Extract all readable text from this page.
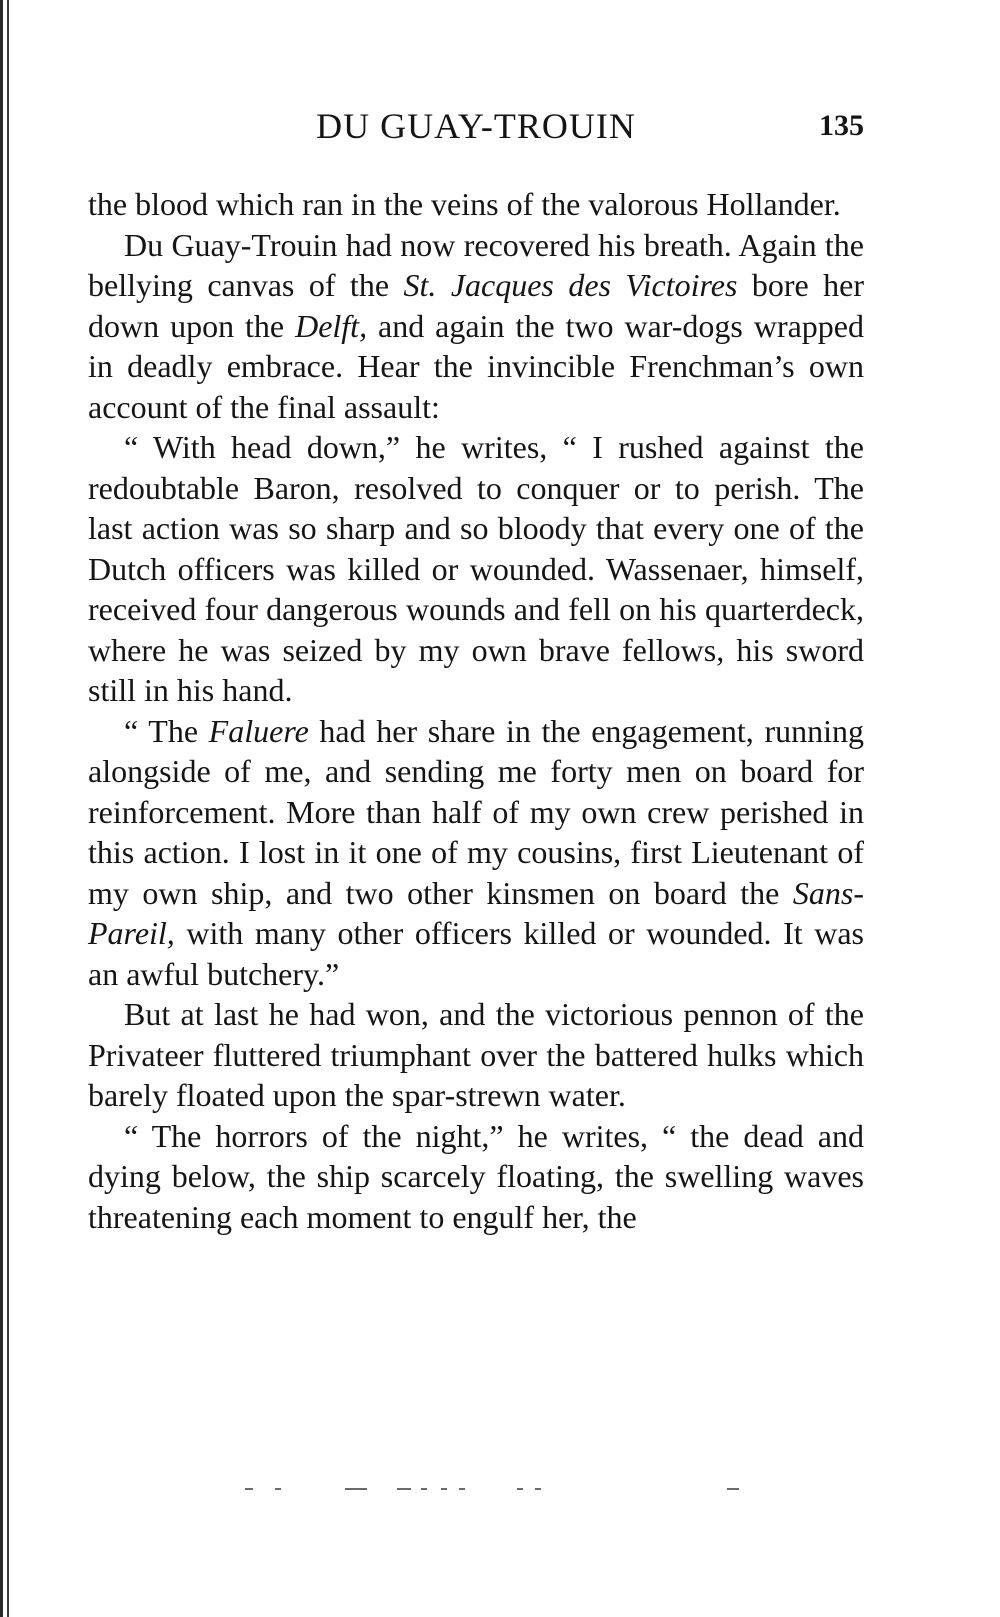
DU GUAY-TROUIN	135

the blood which ran in the veins of the valorous Hollander.

Du Guay-Trouin had now recovered his breath. Again the bellying canvas of the St. Jacques des Victoires bore her down upon the Delft, and again the two war-dogs wrapped in deadly embrace. Hear the invincible Frenchman’s own account of the final assault:

“ With head down,” he writes, “ I rushed against the redoubtable Baron, resolved to conquer or to perish. The last action was so sharp and so bloody that every one of the Dutch officers was killed or wounded. Wassenaer, himself, received four dangerous wounds and fell on his quarterdeck, where he was seized by my own brave fellows, his sword still in his hand.

“ The Faluere had her share in the engagement, running alongside of me, and sending me forty men on board for reinforcement. More than half of my own crew perished in this action. I lost in it one of my cousins, first Lieutenant of my own ship, and two other kinsmen on board the Sans-Pareil, with many other officers killed or wounded. It was an awful butchery.”

But at last he had won, and the victorious pennon of the Privateer fluttered triumphant over the battered hulks which barely floated upon the spar-strewn water.

“ The horrors of the night,” he writes, “ the dead and dying below, the ship scarcely floating, the swelling waves threatening each moment to engulf her, the
